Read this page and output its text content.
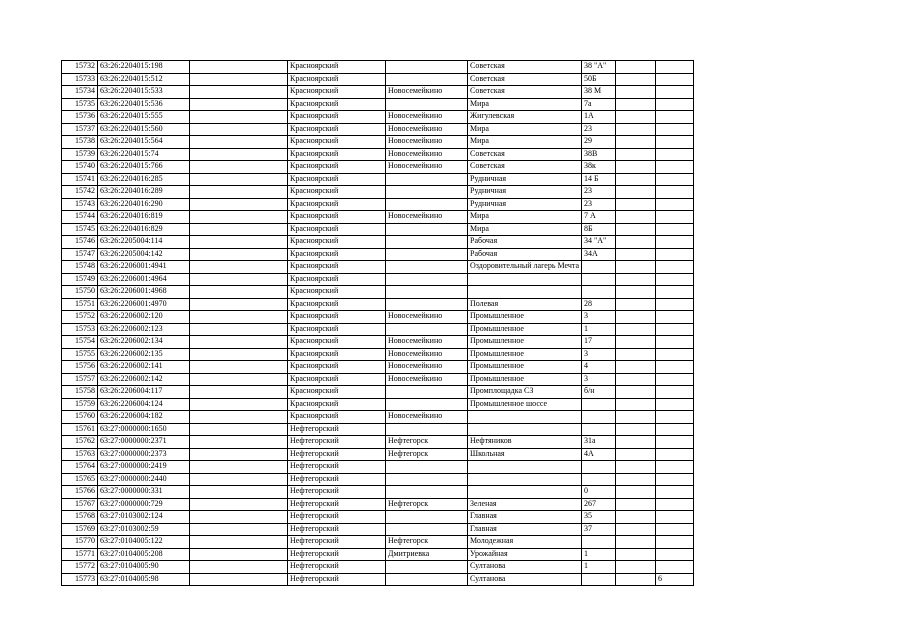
15732	63:26:2204015:198		Красноярский		Советская	38 "А"		
15733	63:26:2204015:512		Красноярский		Советская	50Б		
15734	63:26:2204015:533		Красноярский	Новосемейкино	Советская	38 М		
15735	63:26:2204015:536		Красноярский		Мира	7а		
15736	63:26:2204015:555		Красноярский	Новосемейкино	Жигулевская	1А		
15737	63:26:2204015:560		Красноярский	Новосемейкино	Мира	23		
15738	63:26:2204015:564		Красноярский	Новосемейкино	Мира	29		
15739	63:26:2204015:74		Красноярский	Новосемейкино	Советская	38В		
15740	63:26:2204015:766		Красноярский	Новосемейкино	Советская	38к		
15741	63:26:2204016:285		Красноярский		Рудничная	14 Б		
15742	63:26:2204016:289		Красноярский		Рудничная	23		
15743	63:26:2204016:290		Красноярский		Рудничная	23		
15744	63:26:2204016:819		Красноярский	Новосемейкино	Мира	7 А		
15745	63:26:2204016:829		Красноярский		Мира	8Б		
15746	63:26:2205004:114		Красноярский		Рабочая	34 "А"		
15747	63:26:2205004:142		Красноярский		Рабочая	34А		
15748	63:26:2206001:4941		Красноярский		Оздоровительный лагерь Мечта			
15749	63:26:2206001:4964		Красноярский					
15750	63:26:2206001:4968		Красноярский					
15751	63:26:2206001:4970		Красноярский		Полевая	28		
15752	63:26:2206002:120		Красноярский	Новосемейкино	Промышленное	3		
15753	63:26:2206002:123		Красноярский		Промышленное	1		
15754	63:26:2206002:134		Красноярский	Новосемейкино	Промышленное	17		
15755	63:26:2206002:135		Красноярский	Новосемейкино	Промышленное	3		
15756	63:26:2206002:141		Красноярский	Новосемейкино	Промышленное	4		
15757	63:26:2206002:142		Красноярский	Новосемейкино	Промышленное	3		
15758	63:26:2206004:117		Красноярский		Промплощадка СЗ	б/н		
15759	63:26:2206004:124		Красноярский		Промышленное шоссе			
15760	63:26:2206004:182		Красноярский	Новосемейкино				
15761	63:27:0000000:1650		Нефтегорский					
15762	63:27:0000000:2371		Нефтегорский	Нефтегорск	Нефтяников	31а		
15763	63:27:0000000:2373		Нефтегорский	Нефтегорск	Школьная	4А		
15764	63:27:0000000:2419		Нефтегорский					
15765	63:27:0000000:2440		Нефтегорский					
15766	63:27:0000000:331		Нефтегорский			0		
15767	63:27:0000000:729		Нефтегорский	Нефтегорск	Зеленая	267		
15768	63:27:0103002:124		Нефтегорский		Главная	35		
15769	63:27:0103002:59		Нефтегорский		Главная	37		
15770	63:27:0104005:122		Нефтегорский	Нефтегорск	Молодежная			
15771	63:27:0104005:208		Нефтегорский	Дмитриевка	Урожайная	1		
15772	63:27:0104005:90		Нефтегорский		Султанова	1		
15773	63:27:0104005:98		Нефтегорский		Султанова			6
